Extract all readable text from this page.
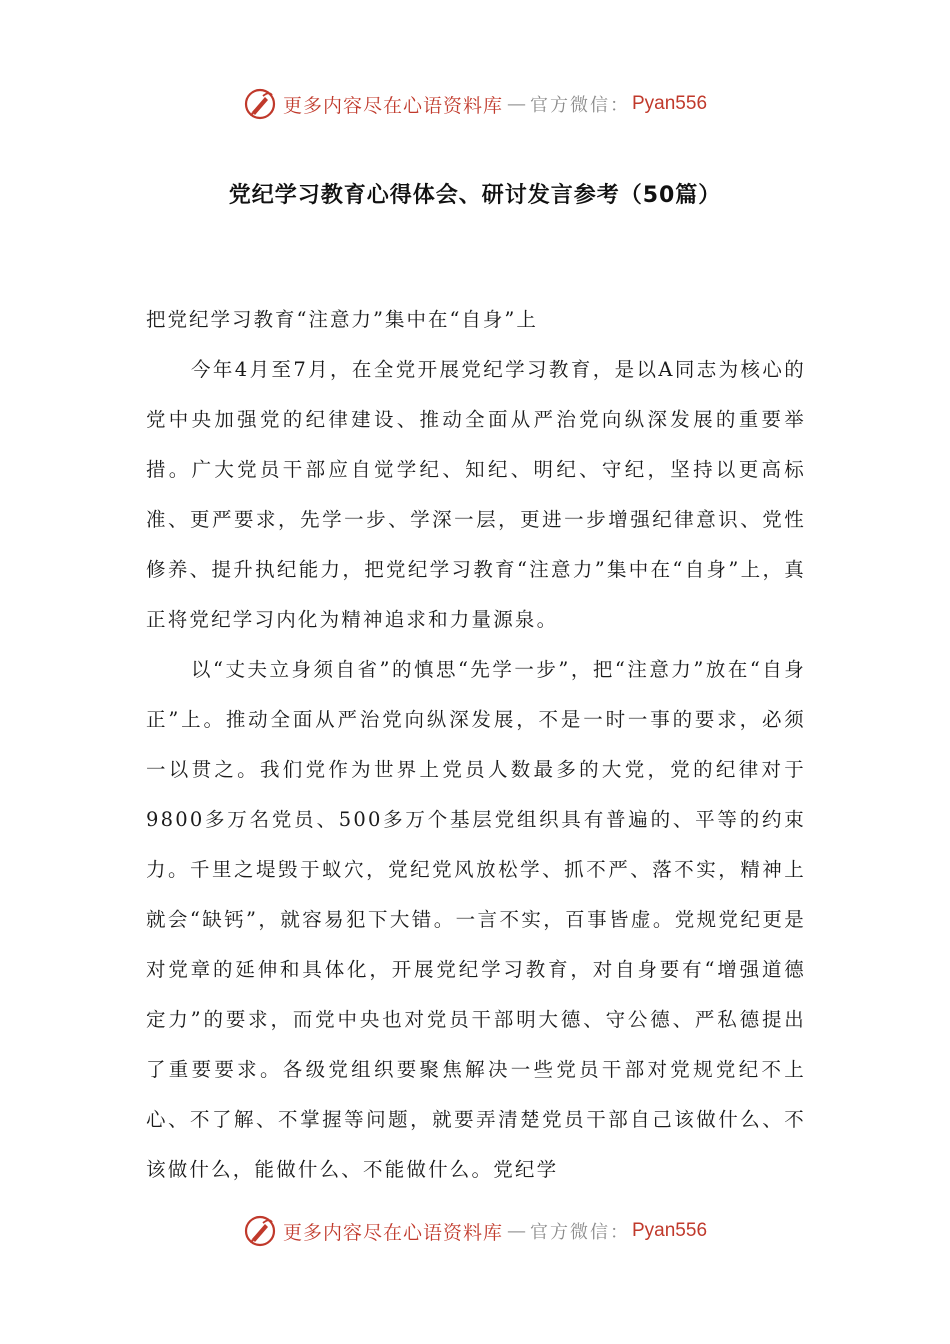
更多内容尽在心语资料库 — 官方微信： Pyan556
党纪学习教育心得体会、研讨发言参考（50篇）

把党纪学习教育“注意力”集中在“自身”上

今年4月至7月，在全党开展党纪学习教育，是以A同志为核心的党中央加强党的纪律建设、推动全面从严治党向纵深发展的重要举措。广大党员干部应自觉学纪、知纪、明纪、守纪，坚持以更高标准、更严要求，先学一步、学深一层，更进一步增强纪律意识、党性修养、提升执纪能力，把党纪学习教育“注意力”集中在“自身”上，真正将党纪学习内化为精神追求和力量源泉。

以“丈夫立身须自省”的慎思“先学一步”，把“注意力”放在“自身正”上。推动全面从严治党向纵深发展，不是一时一事的要求，必须一以贯之。我们党作为世界上党员人数最多的大党，党的纪律对于9800多万名党员、500多万个基层党组织具有普遍的、平等的约束力。千里之堤毁于蚁穴，党纪党风放松学、抓不严、落不实，精神上就会“缺钙”，就容易犯下大错。一言不实，百事皆虚。党规党纪更是对党章的延伸和具体化，开展党纪学习教育，对自身要有“增强道德定力”的要求，而党中央也对党员干部明大德、守公德、严私德提出了重要要求。各级党组织要聚焦解决一些党员干部对党规党纪不上心、不了解、不掌握等问题，就要弄清楚党员干部自己该做什么、不该做什么，能做什么、不能做什么。党纪学

更多内容尽在心语资料库 — 官方微信： Pyan556
